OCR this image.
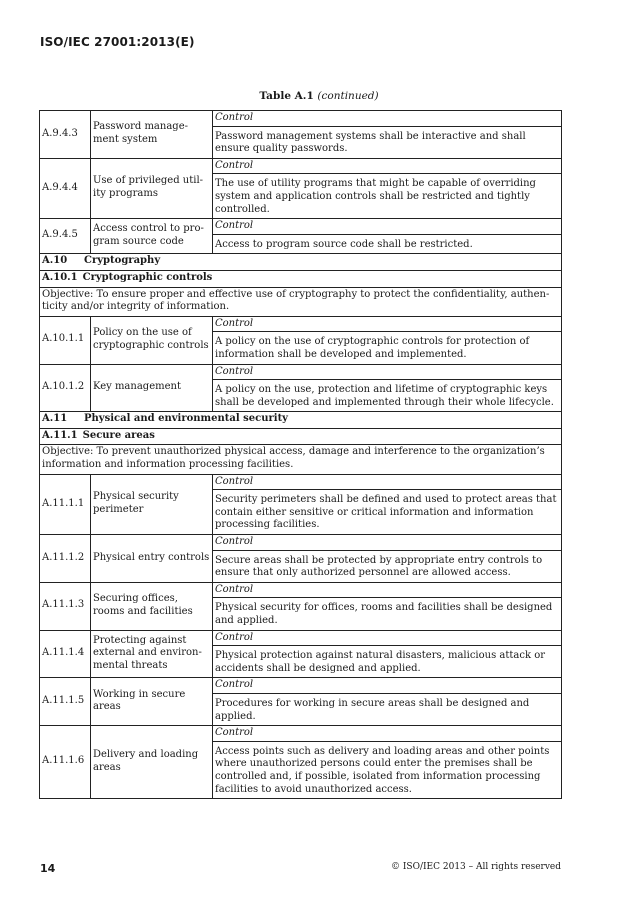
ISO/IEC 27001:2013(E)
Table A.1 (continued)
A.9.4.3	Password manage-ment system	Control
Password management systems shall be interactive and shall ensure quality passwords.

A.9.4.4	Use of privileged util-ity programs	Control
The use of utility programs that might be capable of overriding system and application controls shall be restricted and tightly controlled.

A.9.4.5	Access control to pro-gram source code	Control
Access to program source code shall be restricted.

A.10 Cryptography		
A.10.1 Cryptographic controls		
Objective: To ensure proper and effective use of cryptography to protect the confidentiality, authen-ticity and/or integrity of information.		
A.10.1.1	Policy on the use of cryptographic controls	Control
A policy on the use of cryptographic controls for protection of information shall be developed and implemented.

A.10.1.2	Key management	Control
A policy on the use, protection and lifetime of cryptographic keys shall be developed and implemented through their whole lifecycle.

A.11 Physical and environmental security		
A.11.1 Secure areas		
Objective: To prevent unauthorized physical access, damage and interference to the organization’s information and information processing facilities.		
A.11.1.1	Physical security perimeter	Control
Security perimeters shall be defined and used to protect areas that contain either sensitive or critical information and information processing facilities.

A.11.1.2	Physical entry controls	Control
Secure areas shall be protected by appropriate entry controls to ensure that only authorized personnel are allowed access.

A.11.1.3	Securing offices, rooms and facilities	Control
Physical security for offices, rooms and facilities shall be designed and applied.

A.11.1.4	Protecting against external and environ-mental threats	Control
Physical protection against natural disasters, malicious attack or accidents shall be designed and applied.

A.11.1.5	Working in secure areas	Control
Procedures for working in secure areas shall be designed and applied.

A.11.1.6	Delivery and loading areas	Control
Access points such as delivery and loading areas and other points where unauthorized persons could enter the premises shall be controlled and, if possible, isolated from information processing facilities to avoid unauthorized access.
14	© ISO/IEC 2013 – All rights reserved
